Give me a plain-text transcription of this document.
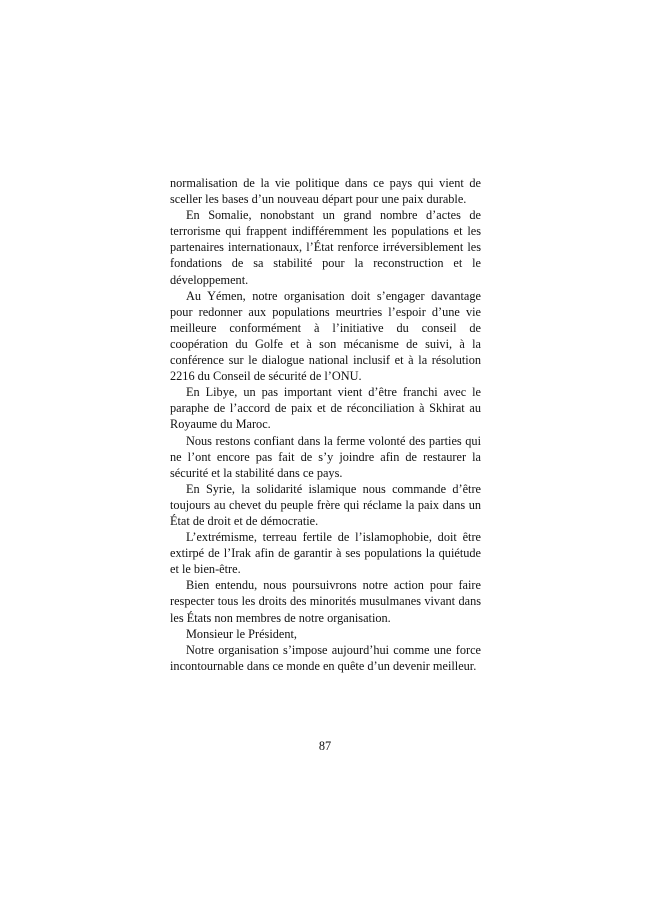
normalisation de la vie politique dans ce pays qui vient de sceller les bases d’un nouveau départ pour une paix durable.

En Somalie, nonobstant un grand nombre d’actes de terrorisme qui frappent indifféremment les populations et les partenaires internationaux, l’État renforce irréversiblement les fondations de sa stabilité pour la reconstruction et le développement.

Au Yémen, notre organisation doit s’engager davantage pour redonner aux populations meurtries l’espoir d’une vie meilleure conformément à l’initiative du conseil de coopération du Golfe et à son mécanisme de suivi, à la conférence sur le dialogue national inclusif et à la résolution 2216 du Conseil de sécurité de l’ONU.

En Libye, un pas important vient d’être franchi avec le paraphe de l’accord de paix et de réconciliation à Skhirat au Royaume du Maroc.

Nous restons confiant dans la ferme volonté des parties qui ne l’ont encore pas fait de s’y joindre afin de restaurer la sécurité et la stabilité dans ce pays.

En Syrie, la solidarité islamique nous commande d’être toujours au chevet du peuple frère qui réclame la paix dans un État de droit et de démocratie.

L’extrémisme, terreau fertile de l’islamophobie, doit être extirpé de l’Irak afin de garantir à ses populations la quiétude et le bien-être.

Bien entendu, nous poursuivrons notre action pour faire respecter tous les droits des minorités musulmanes vivant dans les États non membres de notre organisation.

Monsieur le Président,

Notre organisation s’impose aujourd’hui comme une force incontournable dans ce monde en quête d’un devenir meilleur.

87
